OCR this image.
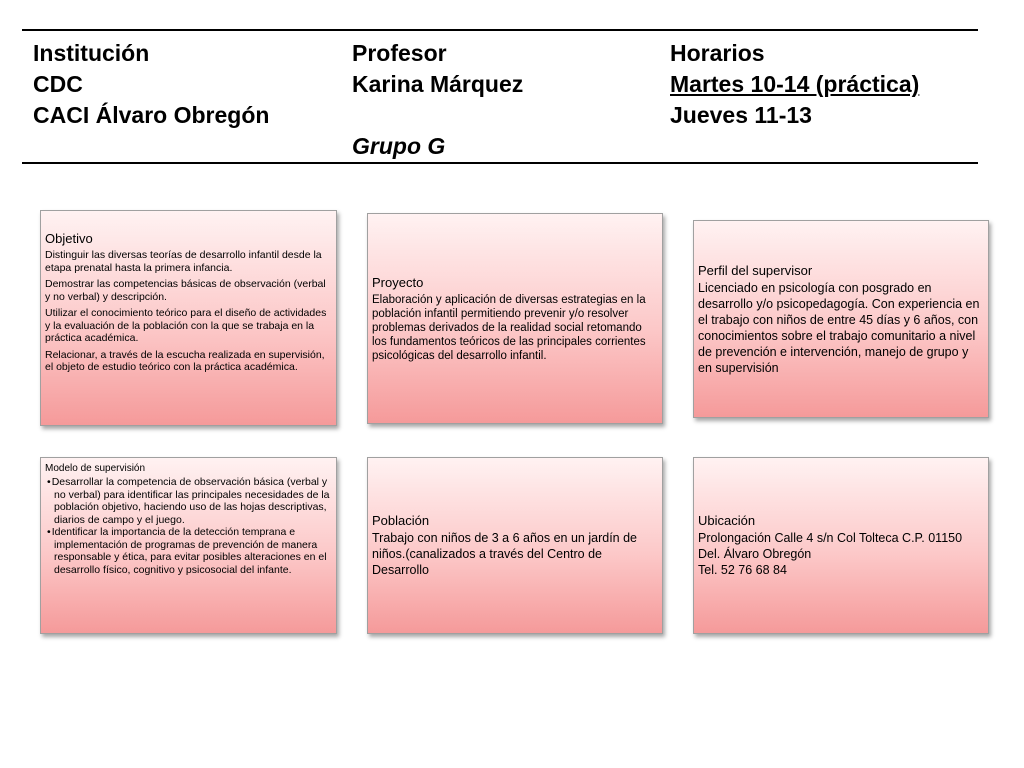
Institución
CDC
CACI Álvaro Obregón
Profesor
Karina Márquez
Grupo G
Horarios
Martes 10-14 (práctica)
Jueves 11-13
Objetivo

Distinguir las diversas teorías de desarrollo infantil desde la etapa prenatal hasta la primera infancia.

Demostrar las competencias básicas de observación (verbal y no verbal) y descripción.

Utilizar el conocimiento teórico para el diseño de actividades y la evaluación de la población con la que se trabaja en la práctica académica.

Relacionar, a través de la escucha realizada en supervisión, el objeto de estudio teórico con la práctica académica.

Proyecto

Elaboración y aplicación de diversas estrategias en la población infantil permitiendo prevenir y/o resolver problemas derivados de la realidad social retomando los fundamentos teóricos de las principales corrientes psicológicas del desarrollo infantil.

Perfil del supervisor

Licenciado en psicología con posgrado en desarrollo y/o psicopedagogía. Con experiencia en el trabajo con niños de entre 45 días y 6 años, con conocimientos sobre el trabajo comunitario a nivel de prevención e intervención, manejo de grupo y en supervisión

Modelo de supervisión
• Desarrollar la competencia de observación básica (verbal y no verbal) para identificar las principales necesidades de la población objetivo, haciendo uso de las hojas descriptivas, diarios de campo y el juego.
• Identificar la importancia de la detección temprana e implementación de programas de prevención de manera responsable y ética, para evitar posibles alteraciones en el desarrollo físico, cognitivo y psicosocial del infante.
Población

Trabajo con niños de 3 a 6 años en un jardín de niños.(canalizados a través del Centro de Desarrollo

Ubicación

Prolongación Calle 4 s/n Col Tolteca C.P. 01150

Del. Álvaro Obregón

Tel. 52 76 68 84
